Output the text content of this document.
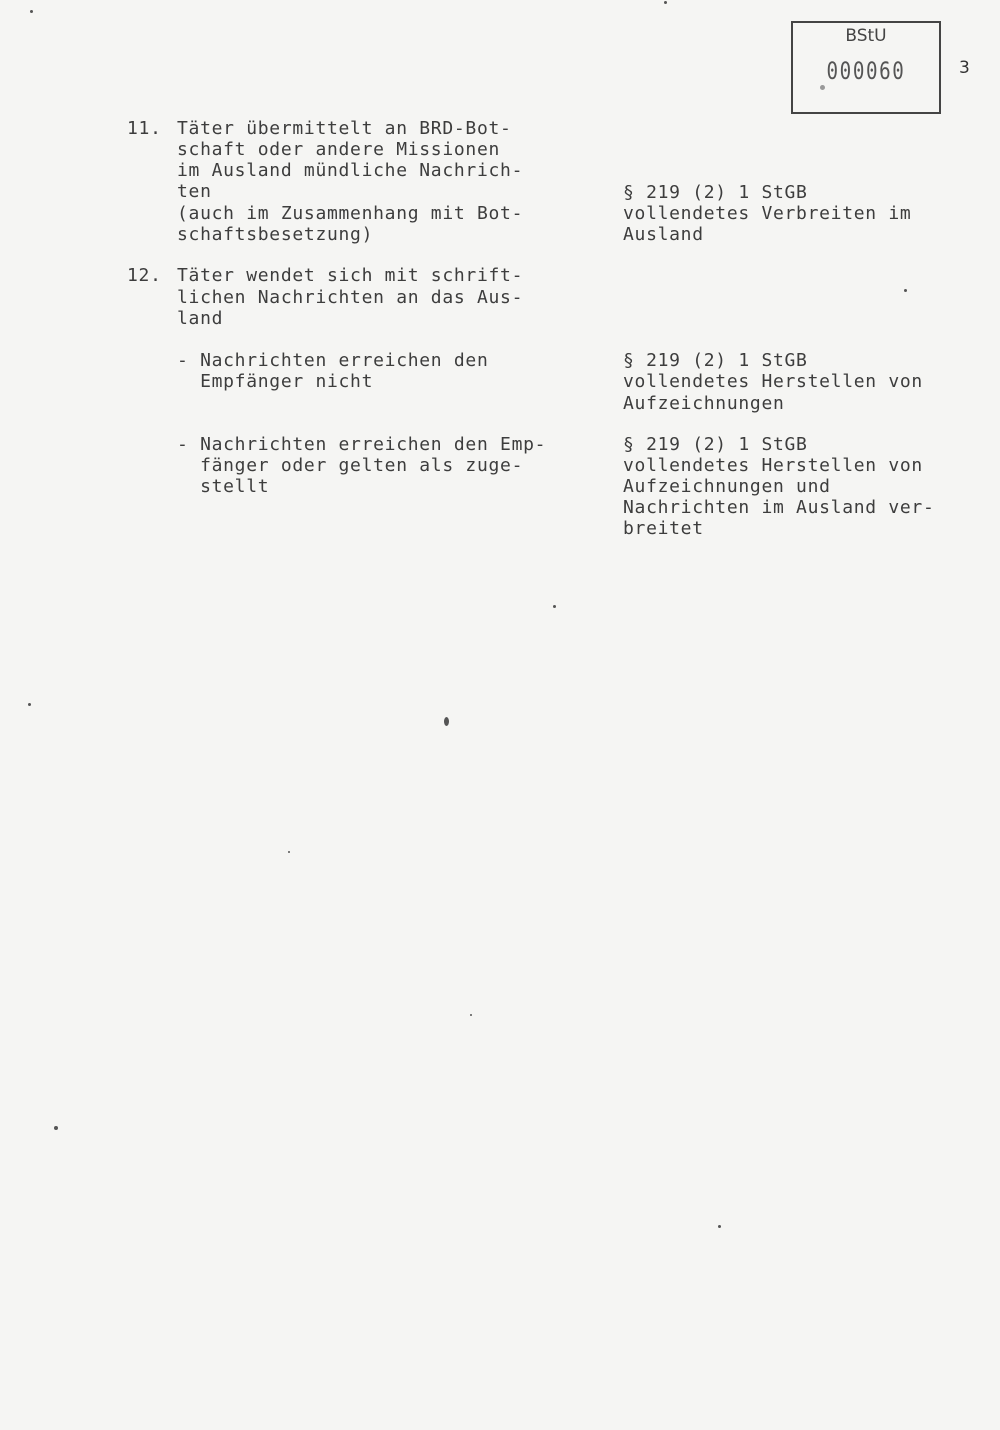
BStU
000060	3
11. Täter übermittelt an BRD-Bot-
schaft oder andere Missionen
im Ausland mündliche Nachrich-
ten
(auch im Zusammenhang mit Bot-
schaftsbesetzung)
§ 219 (2) 1 StGB
vollendetes Verbreiten im
Ausland
12. Täter wendet sich mit schrift-
lichen Nachrichten an das Aus-
land
- Nachrichten erreichen den
Empfänger nicht
§ 219 (2) 1 StGB
vollendetes Herstellen von
Aufzeichnungen
- Nachrichten erreichen den Emp-
fänger oder gelten als zuge-
stellt
§ 219 (2) 1 StGB
vollendetes Herstellen von
Aufzeichnungen und
Nachrichten im Ausland ver-
breitet
